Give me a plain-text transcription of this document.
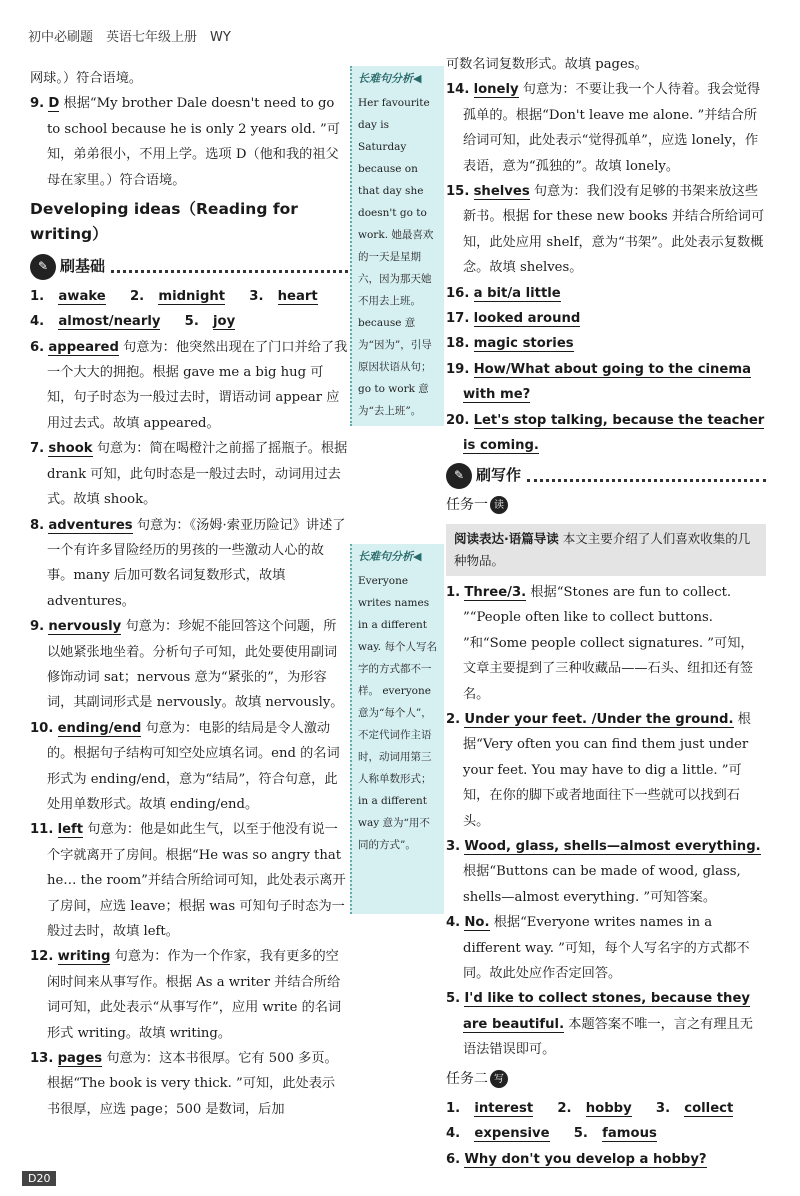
初中必刷题　英语七年级上册　WY
网球。）符合语境。
9. D 根据“My brother Dale doesn't need to go to school because he is only 2 years old. ”可知，弟弟很小，不用上学。选项 D（他和我的祖父母在家里。）符合语境。
Developing ideas（Reading for writing）
✎ 刷基础
1. awake 2. midnight 3. heart
4. almost/nearly 5. joy
6. appeared 句意为：他突然出现在了门口并给了我一个大大的拥抱。根据 gave me a big hug 可知，句子时态为一般过去时，谓语动词 appear 应用过去式。故填 appeared。
7. shook 句意为：简在喝橙汁之前摇了摇瓶子。根据 drank 可知，此句时态是一般过去时，动词用过去式。故填 shook。
8. adventures 句意为：《汤姆·索亚历险记》讲述了一个有许多冒险经历的男孩的一些激动人心的故事。many 后加可数名词复数形式，故填 adventures。
9. nervously 句意为：珍妮不能回答这个问题，所以她紧张地坐着。分析句子可知，此处要使用副词修饰动词 sat；nervous 意为“紧张的”，为形容词，其副词形式是 nervously。故填 nervously。
10. ending/end 句意为：电影的结局是令人激动的。根据句子结构可知空处应填名词。end 的名词形式为 ending/end，意为“结局”，符合句意，此处用单数形式。故填 ending/end。
11. left 句意为：他是如此生气，以至于他没有说一个字就离开了房间。根据“He was so angry that he… the room”并结合所给词可知，此处表示离开了房间，应选 leave；根据 was 可知句子时态为一般过去时，故填 left。
12. writing 句意为：作为一个作家，我有更多的空闲时间来从事写作。根据 As a writer 并结合所给词可知，此处表示“从事写作”，应用 write 的名词形式 writing。故填 writing。
13. pages 句意为：这本书很厚。它有 500 多页。根据“The book is very thick. ”可知，此处表示书很厚，应选 page；500 是数词，后加
长难句分析◀
Her favourite day is Saturday because on that day she doesn't go to work. 她最喜欢的一天是星期六，因为那天她不用去上班。 because 意为“因为”，引导原因状语从句；go to work 意为“去上班”。
长难句分析◀
Everyone writes names in a different way. 每个人写名字的方式都不一样。 everyone 意为“每个人”，不定代词作主语时，动词用第三人称单数形式；in a different way 意为“用不同的方式”。
可数名词复数形式。故填 pages。
14. lonely 句意为：不要让我一个人待着。我会觉得孤单的。根据“Don't leave me alone. ”并结合所给词可知，此处表示“觉得孤单”，应选 lonely，作表语，意为“孤独的”。故填 lonely。
15. shelves 句意为：我们没有足够的书架来放这些新书。根据 for these new books 并结合所给词可知，此处应用 shelf，意为“书架”。此处表示复数概念。故填 shelves。
16. a bit/a little
17. looked around
18. magic stories
19. How/What about going to the cinema with me?
20. Let's stop talking, because the teacher is coming.
✎ 刷写作
任务一 读
阅读表达·语篇导读 本文主要介绍了人们喜欢收集的几种物品。
1. Three/3. 根据“Stones are fun to collect. ”“People often like to collect buttons. ”和“Some people collect signatures. ”可知，文章主要提到了三种收藏品——石头、纽扣还有签名。
2. Under your feet. /Under the ground. 根据“Very often you can find them just under your feet. You may have to dig a little. ”可知，在你的脚下或者地面往下一些就可以找到石头。
3. Wood, glass, shells—almost everything. 根据“Buttons can be made of wood, glass, shells—almost everything. ”可知答案。
4. No. 根据“Everyone writes names in a different way. ”可知，每个人写名字的方式都不同。故此处应作否定回答。
5. I'd like to collect stones, because they are beautiful. 本题答案不唯一，言之有理且无语法错误即可。
任务二 写
1. interest 2. hobby 3. collect
4. expensive 5. famous
6. Why don't you develop a hobby?
D20
